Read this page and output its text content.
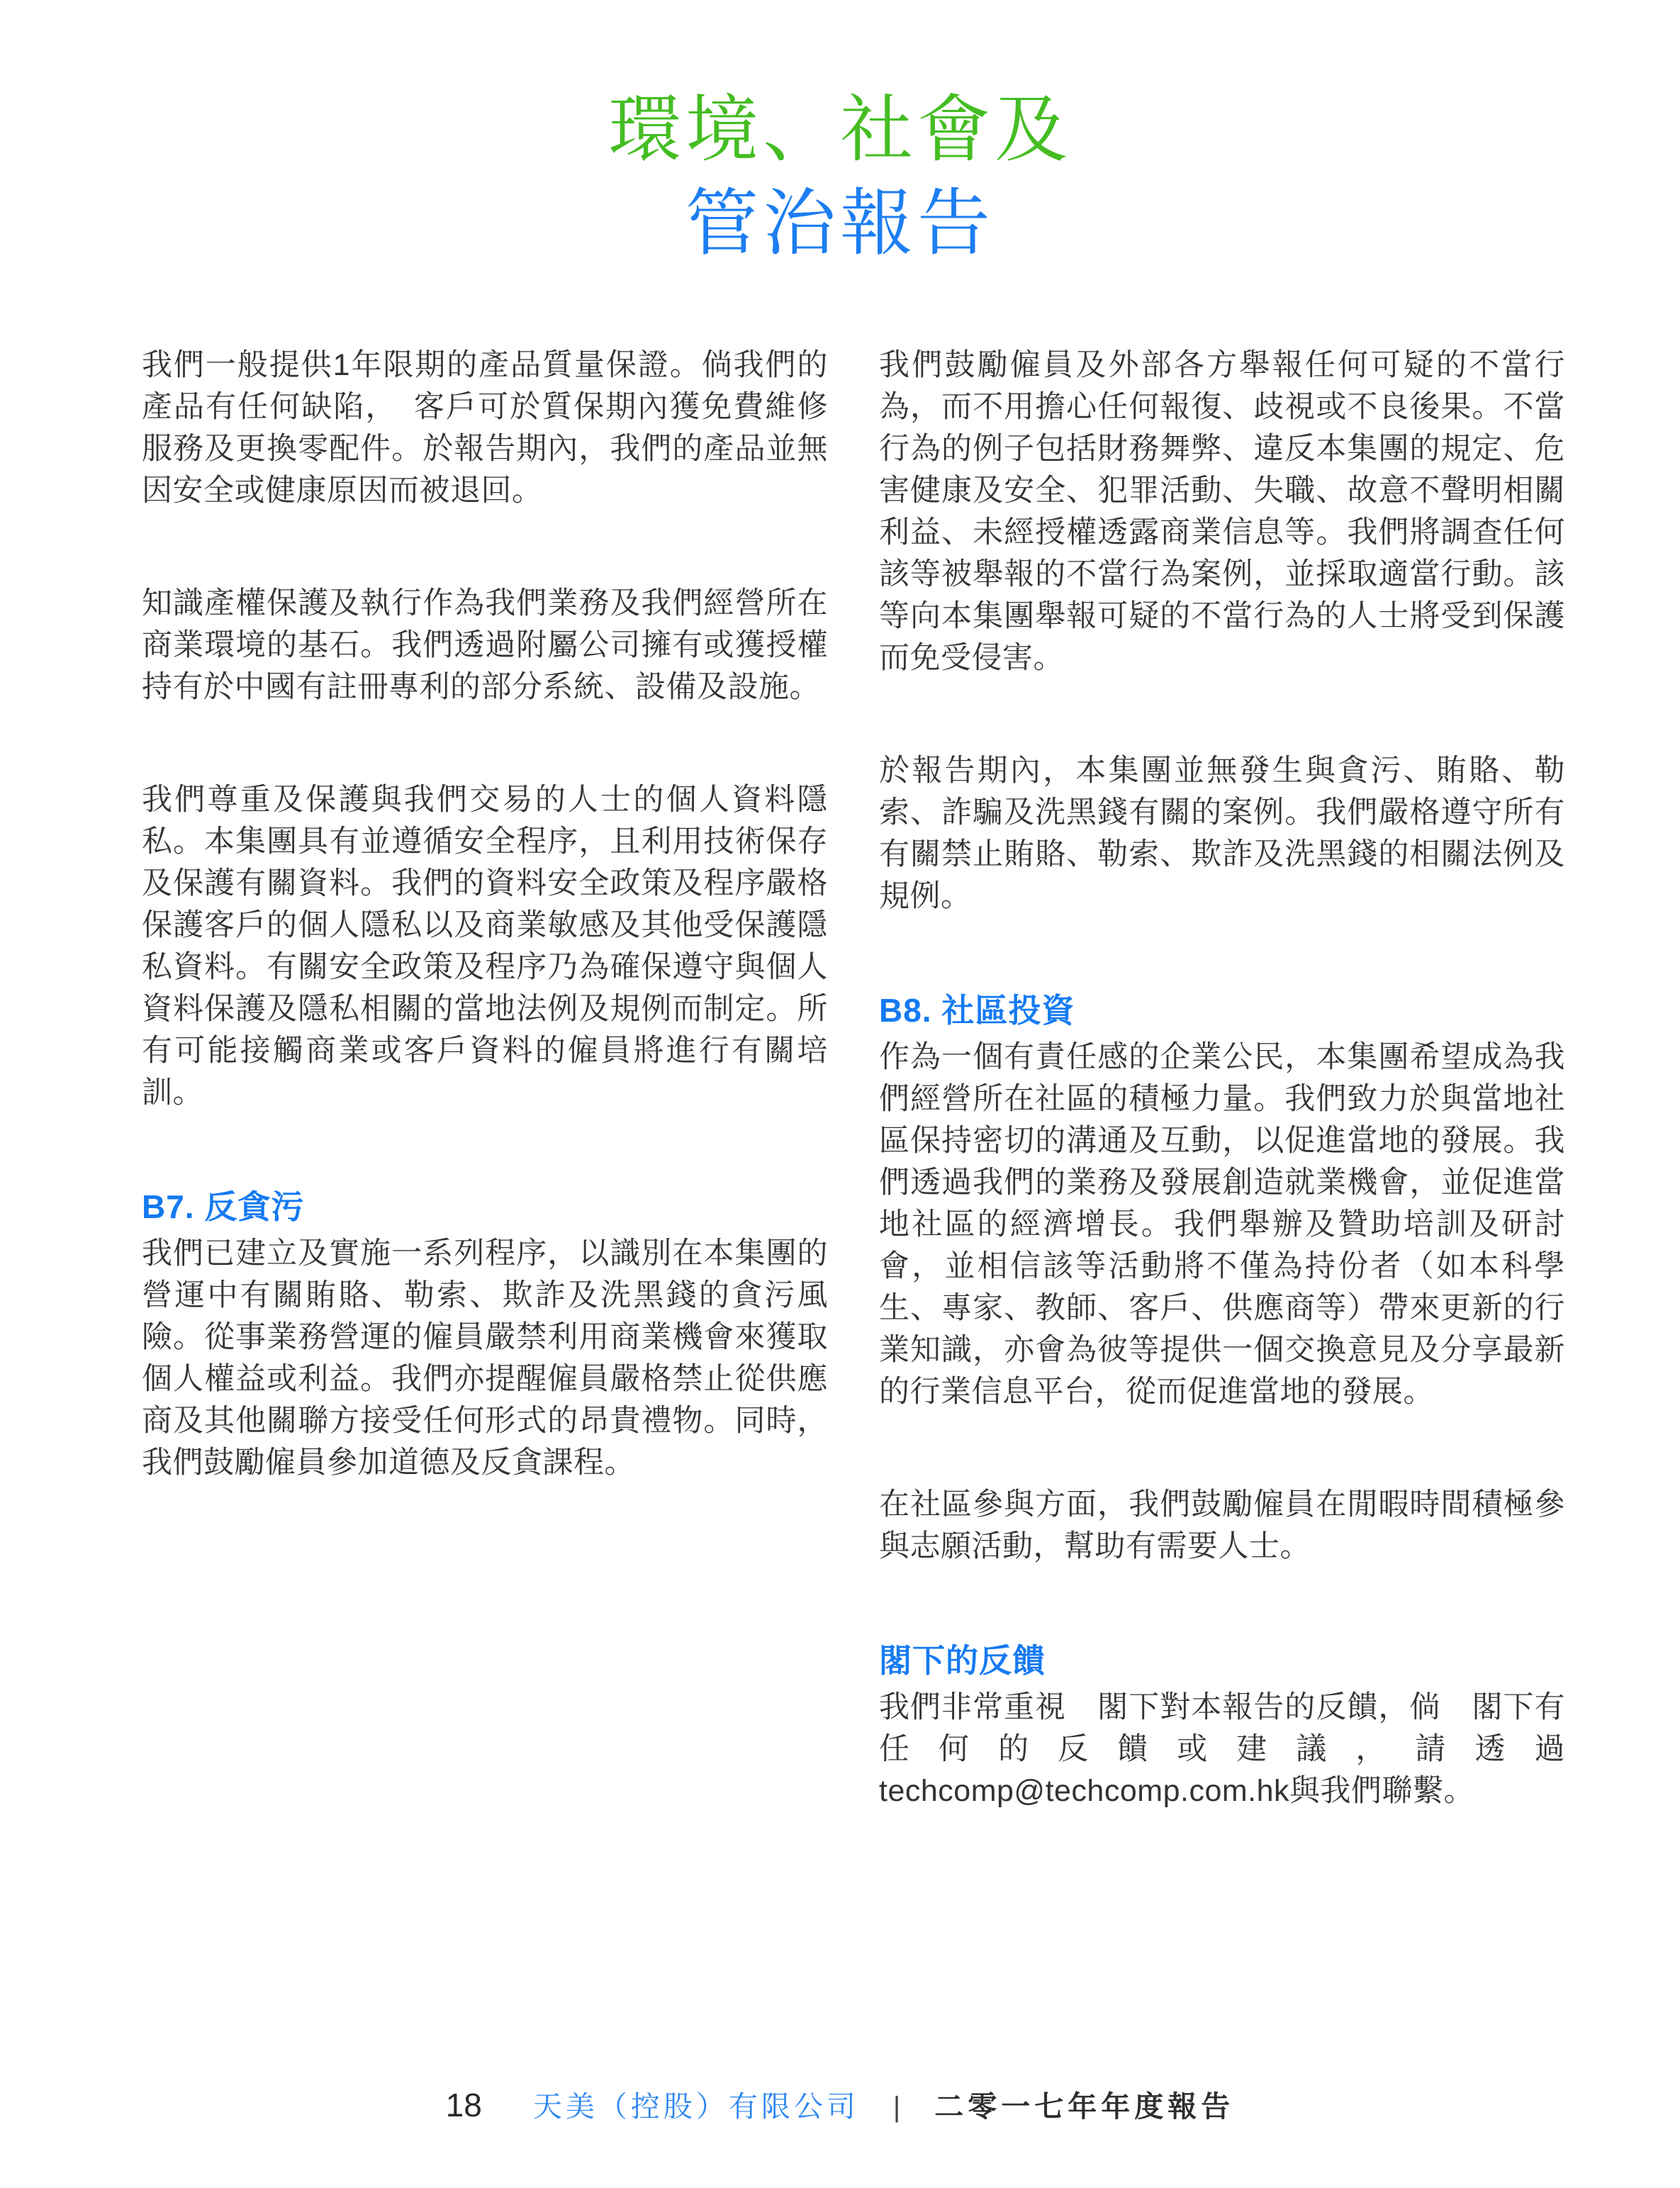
環境、社會及
管治報告

我們一般提供1年限期的產品質量保證。倘我們的產品有任何缺陷，　客戶可於質保期內獲免費維修服務及更換零配件。於報告期內，我們的產品並無因安全或健康原因而被退回。

知識產權保護及執行作為我們業務及我們經營所在商業環境的基石。我們透過附屬公司擁有或獲授權持有於中國有註冊專利的部分系統、設備及設施。

我們尊重及保護與我們交易的人士的個人資料隱私。本集團具有並遵循安全程序，且利用技術保存及保護有關資料。我們的資料安全政策及程序嚴格保護客戶的個人隱私以及商業敏感及其他受保護隱私資料。有關安全政策及程序乃為確保遵守與個人資料保護及隱私相關的當地法例及規例而制定。所有可能接觸商業或客戶資料的僱員將進行有關培訓。

B7. 反貪污

我們已建立及實施一系列程序，以識別在本集團的營運中有關賄賂、勒索、欺詐及洗黑錢的貪污風險。從事業務營運的僱員嚴禁利用商業機會來獲取個人權益或利益。我們亦提醒僱員嚴格禁止從供應商及其他關聯方接受任何形式的昂貴禮物。同時，我們鼓勵僱員參加道德及反貪課程。

我們鼓勵僱員及外部各方舉報任何可疑的不當行為，而不用擔心任何報復、歧視或不良後果。不當行為的例子包括財務舞弊、違反本集團的規定、危害健康及安全、犯罪活動、失職、故意不聲明相關利益、未經授權透露商業信息等。我們將調查任何該等被舉報的不當行為案例，並採取適當行動。該等向本集團舉報可疑的不當行為的人士將受到保護而免受侵害。

於報告期內，本集團並無發生與貪污、賄賂、勒索、詐騙及洗黑錢有關的案例。我們嚴格遵守所有有關禁止賄賂、勒索、欺詐及洗黑錢的相關法例及規例。

B8. 社區投資

作為一個有責任感的企業公民，本集團希望成為我們經營所在社區的積極力量。我們致力於與當地社區保持密切的溝通及互動，以促進當地的發展。我們透過我們的業務及發展創造就業機會，並促進當地社區的經濟增長。我們舉辦及贊助培訓及研討會，並相信該等活動將不僅為持份者（如本科學生、專家、教師、客戶、供應商等）帶來更新的行業知識，亦會為彼等提供一個交換意見及分享最新的行業信息平台，從而促進當地的發展。

在社區參與方面，我們鼓勵僱員在閒暇時間積極參與志願活動，幫助有需要人士。

閣下的反饋

我們非常重視　閣下對本報告的反饋，倘　閣下有任何的反饋或建議，請透過techcomp@techcomp.com.hk與我們聯繫。

18 天美（控股）有限公司 | 二零一七年年度報告
